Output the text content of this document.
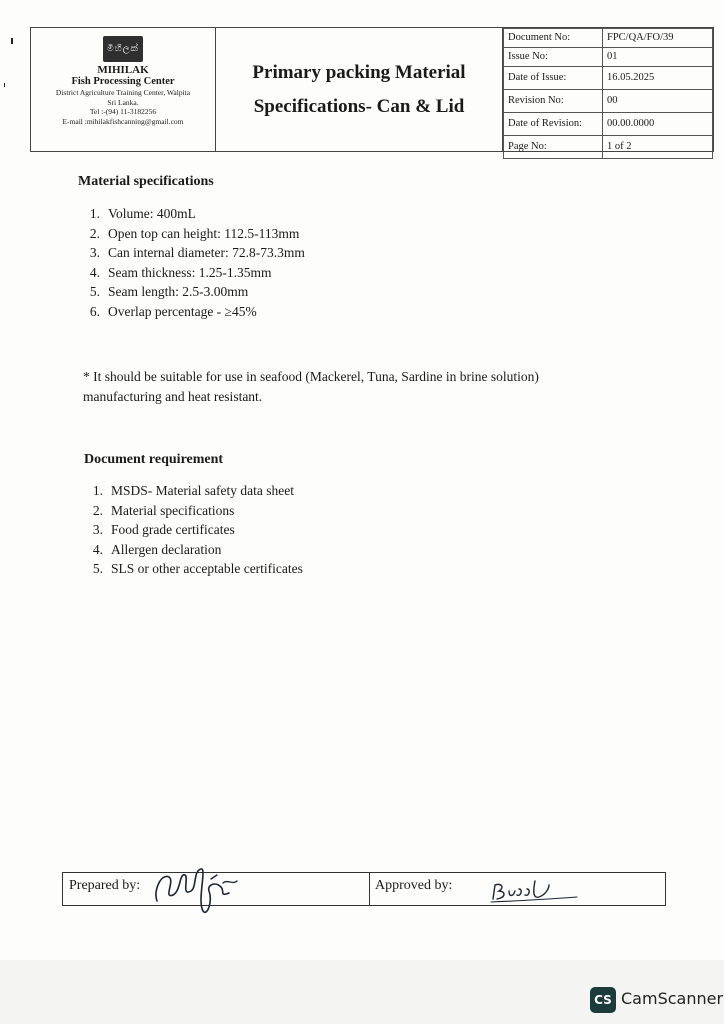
මිහිලක්
MIHILAK
Fish Processing Center
District Agriculture Training Center, Walpita
Sri Lanka.
Tel :-(94) 11-3182256
E-mail :mihilakfishcanning@gmail.com
Primary packing Material
Specifications- Can & Lid
Document No:	FPC/QA/FO/39
Issue No:	01
Date of Issue:	16.05.2025
Revision No:	00
Date of Revision:	00.00.0000
Page No:	1 of 2
Material specifications
1. Volume: 400mL
2. Open top can height: 112.5-113mm
3. Can internal diameter: 72.8-73.3mm
4. Seam thickness: 1.25-1.35mm
5. Seam length: 2.5-3.00mm
6. Overlap percentage - ≥45%
* It should be suitable for use in seafood (Mackerel, Tuna, Sardine in brine solution)
manufacturing and heat resistant.
Document requirement
1. MSDS- Material safety data sheet
2. Material specifications
3. Food grade certificates
4. Allergen declaration
5. SLS or other acceptable certificates
Prepared by:	Approved by:
CS CamScanner
